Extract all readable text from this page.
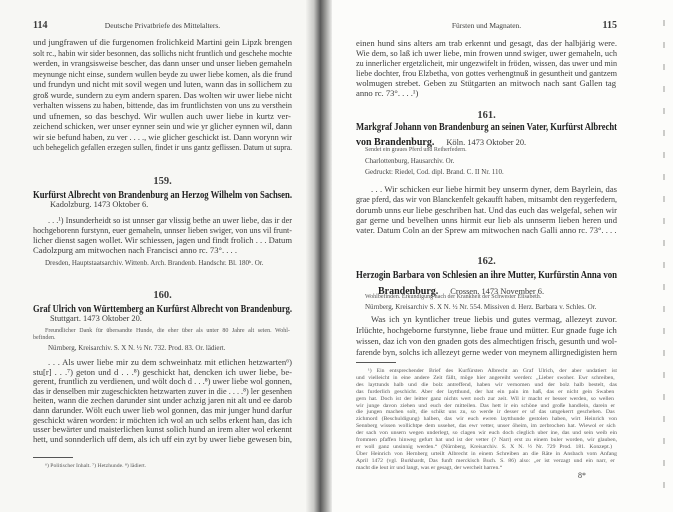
114	Deutsche Privatbriefe des Mittelalters.
und jungfrawen uf die furgenomen frolichkeid Martini gein Lipzk brengen
solt rc., habin wir sider besonnen, das sollichs nicht fruntlich und geschehe mochte
werden, in vrangsisweise bescher, das dann unser und unser lieben gemaheln
meynunge nicht einse, sundern wullen beyde zu uwer liebe komen, als die frund
und frundyn und nicht mit sovil wegen und luten, wann das in sollichem zu
groß wurde, sundern zu eym andern sparen. Das wolten wir uwer liebe nicht
verhalten wissens zu haben, bittende, das im fruntlichsten von uns zu versthein
und ufnemen, so das beschyd. Wir wullen auch uwer liebe in kurtz ver-
zeichend schicken, wer unser eynner sein und wie yr glicher eynnen wil, dann
wir sie befund haben, zu ver . . . ., wie glicher geschickt ist. Dann worynn wir
uch behegelich gefallen erzegen sullen, findet ir uns gantz geflissen. Datum ut supra.
159.
Kurfürst Albrecht von Brandenburg an Herzog Wilhelm von Sachsen.
Kadolzburg. 1473 Oktober 6.
. . .¹) Insunderheidt so ist unnser gar vlissig bethe an uwer liebe, das ir der
hochgeborenn furstynn, euer gemaheln, unnser lieben swiger, von uns vil frunt-
licher dienst sagen wollet. Wir schiessen, jagen und findt frolich . . . Datum
Cadolzpurg am mitwochen nach Francisci anno rc. 73°. . . .
Dresden, Hauptstaatsarchiv. Wittenb. Arch. Brandenb. Handschr. Bl. 180ᵇ. Or.
160.
Graf Ulrich von Württemberg an Kurfürst Albrecht von Brandenburg.
Stuttgart. 1473 Oktober 20.
Freundlicher Dank für übersandte Hunde, die eher über als unter 80 Jahre alt seien. Wohl-
befinden.
Nürnberg, Kreisarchiv. S. X N. ½ Nr. 732. Prod. 83. Or. lädiert.
. . . Als uwer liebe mir zu dem schweinhatz mit etlichen hetzwarten⁶)
stu[r] . . .⁷) geton und d . . .⁸) geschickt hat, dencken ich uwer liebe, be-
gerent, fruntlich zu verdienen, und wölt doch d . . .⁸) uwer liebe wol gonnen,
das ir denselben mir zugeschickten hetzwarten zuver in die . . . .⁸) ler gesenhen
heiten, wann die zechen darunder sint under achzig jaren nit alt und ee darob
dann darunder. Wölt euch uwer lieb wol gonnen, das mir junger hund darfur
geschickt wären worden: ir möchten ich wol an uch selbs erkent han, das ich
usser bewärter und maisterlichen kunst solich hund an irem alter wol erkennt
hett, und sonnderlich uff dem, als ich uff ein zyt by uwer liebe gewesen bin,
⁶) Politischer Inhalt. ⁷) Hetzhunde. ⁸) lädiert.
Fürsten und Magnaten.	115
einen hund sins alters am trab erkennt und gesagt, das der halbjärig were.
Wie dem, so laß ich uwer liebe, min frowen unnd swiger, uwer gemaheln, uch
zu innerlicher ergetzlicheit, mir ungezwifelt in fröden, wissen, das uwer und min
liebe dochter, frou Elzbetha, von gottes verhengtnuß in gesuntheit und gantzem
wolmugen strebet. Geben zu Stütgarten an mitwoch nach sant Gallen tag
anno rc. 73°. . . .¹)
161.
Markgraf Johann von Brandenburg an seinen Vater, Kurfürst Albrecht
von Brandenburg. Köln. 1473 Oktober 20.
Sendet ein graues Pferd und Reiherfedern.
Charlottenburg, Hausarchiv. Or.
Gedruckt: Riedel, Cod. dipl. Brand. C. II Nr. 110.
. . . Wir schicken eur liebe hirmit bey unserm dyner, dem Bayrlein, das
grae pferd, das wir von Blanckenfelt gekaufft haben, mitsambt den reygerfedern,
dorumb unns eur liebe geschriben hat. Und das euch das welgefal, sehen wir
gar gerne und bevelhen unns hirmit eur lieb als unnserm lieben heren und
vater. Datum Coln an der Sprew am mitwochen nach Galli anno rc. 73°. . . .
162.
Herzogin Barbara von Schlesien an ihre Mutter, Kurfürstin Anna von
Brandenburg. Crossen. 1473 November 6.
Wohlbefinden. Erkundigung nach der Krankheit der Schwester Elisabeth.
Nürnberg, Kreisarchiv S. X N. ½ Nr. 554. Missiven d. Herz. Barbara v. Schles. Or.
Was ich yn kyntlicher treue liebis und gutes vermag, allezeyt zuvor.
Irlüchte, hochgeborne furstynne, liebe fraue und mütter. Eur gnade fuge ich
wissen, daz ich von den gnaden gots des almechtigen frisch, gesunth und wol-
farende byn, solchs ich allezeyt gerne weder von meynem allirgnedigisten hern
¹) Ein entsprechender Brief des Kurfürsten Albrecht an Graf Ulrich, der aber undatiert ist
und vielleicht in eine andere Zeit fällt, möge hier angereiht werden: „Lieber swoher. Ewr schreiben,
des layttunds halb und die bolz antreffend, haben wir vernomen und der bolz halb bestelt, das
das furderlich geschicht. Aber der laytthund, der hat ein pain im haß, das er nicht gein Swaben
gern hat. Doch ist der leitter ganz nichts wert noch zur zeit. Wil ir macht er besser werden, so wellen
wir junge davon ziehen und euch der mitteilen. Das hett ir ein schöne und große handlein, darein er
die jungen machen solt, die schikt uns zu, so werde ir desser er uf das umgekerrt geschehen. Das
zichmord (Beschuldigung) halben, das wir euch ewren laytthunde gestolen haben, wirt Heinrich von
Sennberg wissen wollichtpe dem ussehet, das ewr vetter, unser öheim, im zerbrochen hat. Wiewol er sich
der sach von unsern wegen underlegt, so clagen wir euch doch cleglich uber ine, das und sein weib ein
frommen pfaffen hinweg gefurt hat und ist der vetter (? Narr) erst zu einem buler worden, wir glauben,
er woll ganz unsinnig werden.“ (Nürnberg, Kreisarchiv. S. X N. ½ Nr. 729 Prod. 181. Konzept.)
Über Heinrich von Hernberg urteilt Albrecht in einem Schreiben an die Räte in Ansbach vom Anfang
April 1472 (vgl. Burkhardt, Das funft merckisch Buch. S. 86) also: „er ist verzagt und ein narr, er
macht die leut irr und langt, was er gesagt, der wercheit harren.“
8*
